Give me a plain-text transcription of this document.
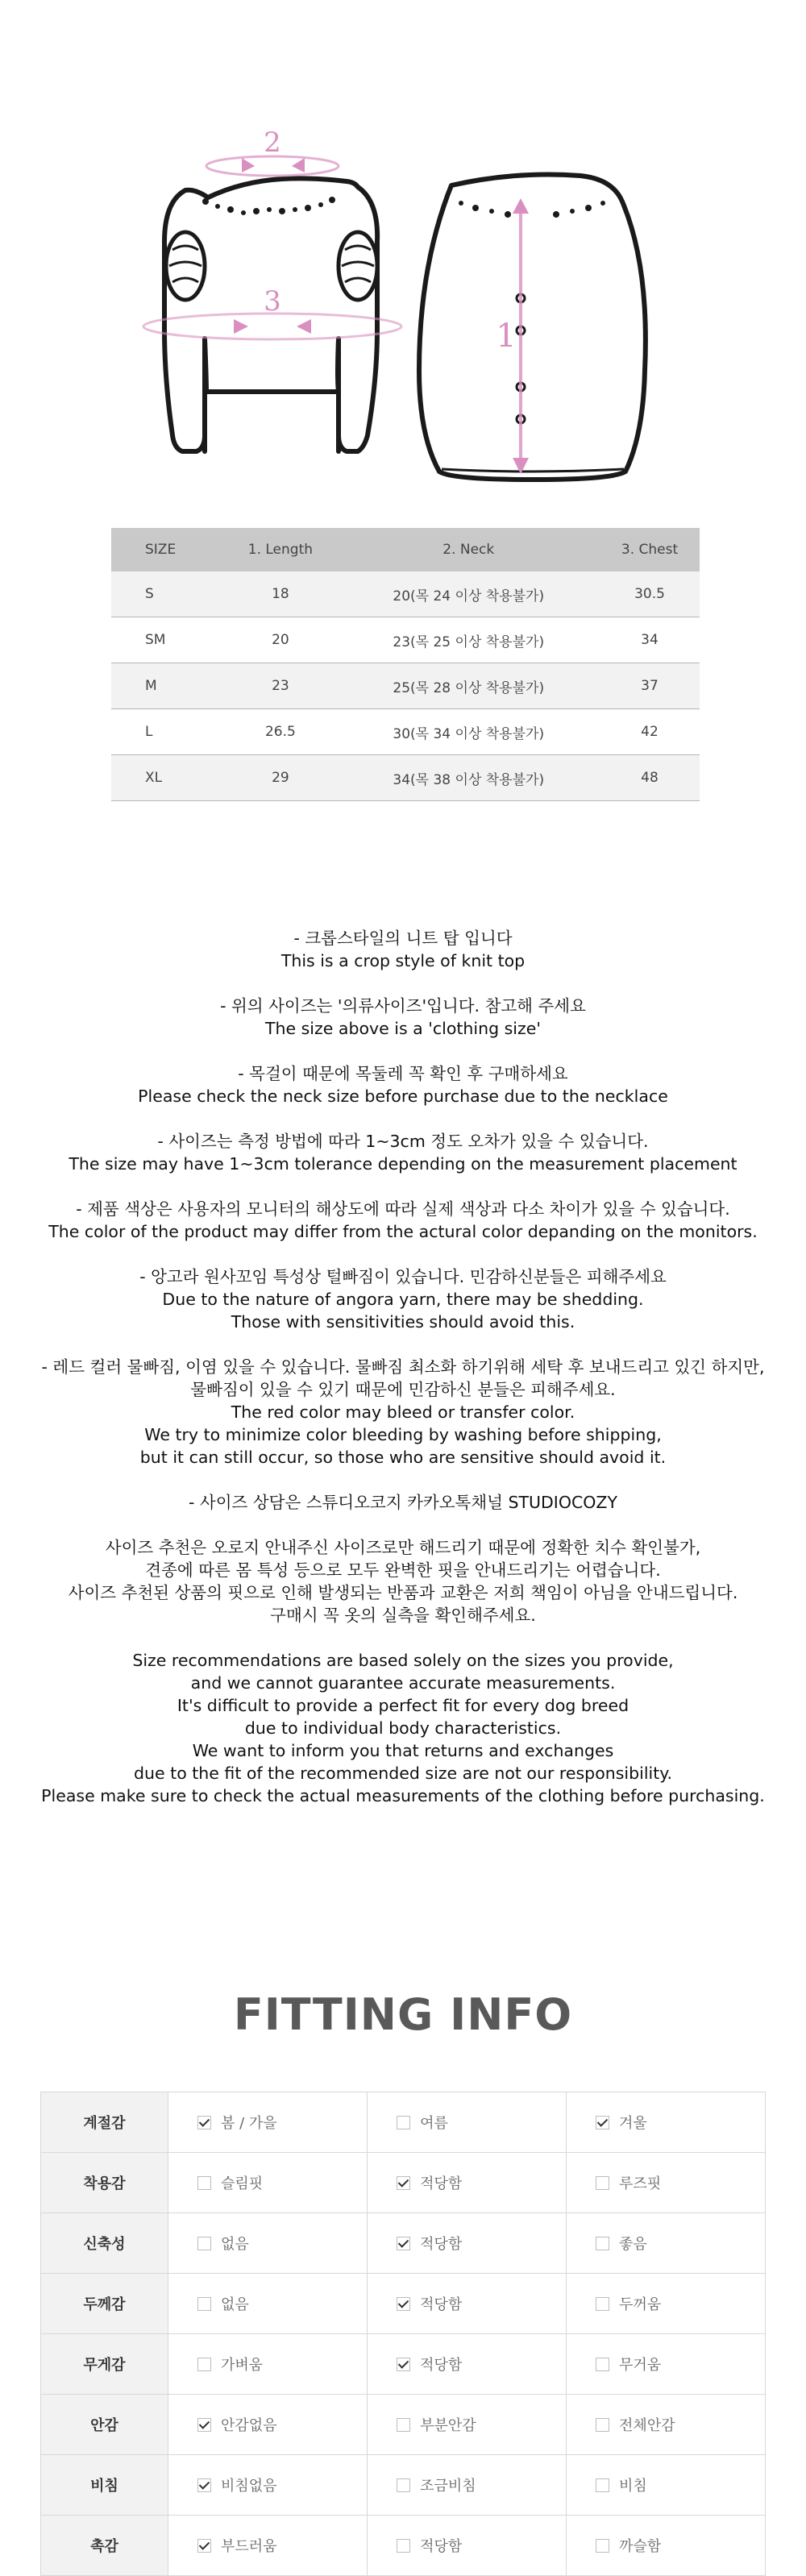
2
3
1
SIZE	1. Length	2. Neck	3. Chest
S	18	20(목 24 이상 착용불가)	30.5
SM	20	23(목 25 이상 착용불가)	34
M	23	25(목 28 이상 착용불가)	37
L	26.5	30(목 34 이상 착용불가)	42
XL	29	34(목 38 이상 착용불가)	48
- 크롭스타일의 니트 탑 입니다
This is a crop style of knit top
- 위의 사이즈는 '의류사이즈'입니다. 참고해 주세요
The size above is a 'clothing size'
- 목걸이 때문에 목둘레 꼭 확인 후 구매하세요
Please check the neck size before purchase due to the necklace
- 사이즈는 측정 방법에 따라 1~3cm 정도 오차가 있을 수 있습니다.
The size may have 1~3cm tolerance depending on the measurement placement
- 제품 색상은 사용자의 모니터의 해상도에 따라 실제 색상과 다소 차이가 있을 수 있습니다.
The color of the product may differ from the actural color depanding on the monitors.
- 앙고라 원사꼬임 특성상 털빠짐이 있습니다. 민감하신분들은 피해주세요
Due to the nature of angora yarn, there may be shedding.
Those with sensitivities should avoid this.
- 레드 컬러 물빠짐, 이염 있을 수 있습니다. 물빠짐 최소화 하기위해 세탁 후 보내드리고 있긴 하지만,
물빠짐이 있을 수 있기 때문에 민감하신 분들은 피해주세요.
The red color may bleed or transfer color.
We try to minimize color bleeding by washing before shipping,
but it can still occur, so those who are sensitive should avoid it.
- 사이즈 상담은 스튜디오코지 카카오톡채널 STUDIOCOZY
사이즈 추천은 오로지 안내주신 사이즈로만 해드리기 때문에 정확한 치수 확인불가,
견종에 따른 몸 특성 등으로 모두 완벽한 핏을 안내드리기는 어렵습니다.
사이즈 추천된 상품의 핏으로 인해 발생되는 반품과 교환은 저희 책임이 아님을 안내드립니다.
구매시 꼭 옷의 실측을 확인해주세요.
Size recommendations are based solely on the sizes you provide,
and we cannot guarantee accurate measurements.
It's difficult to provide a perfect fit for every dog breed
due to individual body characteristics.
We want to inform you that returns and exchanges
due to the fit of the recommended size are not our responsibility.
Please make sure to check the actual measurements of the clothing before purchasing.
FITTING INFO
계절감	봄 / 가을	여름	겨울
착용감	슬림핏	적당함	루즈핏
신축성	없음	적당함	좋음
두께감	없음	적당함	두꺼움
무게감	가벼움	적당함	무거움
안감	안감없음	부분안감	전체안감
비침	비침없음	조금비침	비침
촉감	부드러움	적당함	까슬함
